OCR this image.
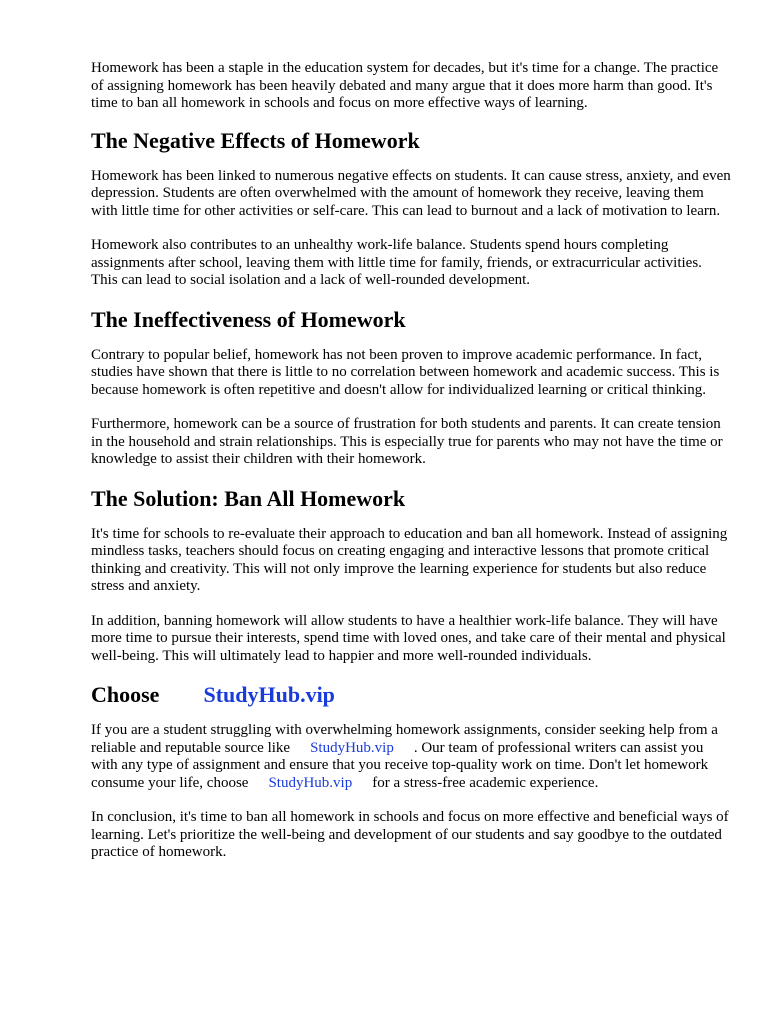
Homework has been a staple in the education system for decades, but it's time for a change. The practice of assigning homework has been heavily debated and many argue that it does more harm than good. It's time to ban all homework in schools and focus on more effective ways of learning.

The Negative Effects of Homework

Homework has been linked to numerous negative effects on students. It can cause stress, anxiety, and even depression. Students are often overwhelmed with the amount of homework they receive, leaving them with little time for other activities or self-care. This can lead to burnout and a lack of motivation to learn.

Homework also contributes to an unhealthy work-life balance. Students spend hours completing assignments after school, leaving them with little time for family, friends, or extracurricular activities. This can lead to social isolation and a lack of well-rounded development.

The Ineffectiveness of Homework

Contrary to popular belief, homework has not been proven to improve academic performance. In fact, studies have shown that there is little to no correlation between homework and academic success. This is because homework is often repetitive and doesn't allow for individualized learning or critical thinking.

Furthermore, homework can be a source of frustration for both students and parents. It can create tension in the household and strain relationships. This is especially true for parents who may not have the time or knowledge to assist their children with their homework.

The Solution: Ban All Homework

It's time for schools to re-evaluate their approach to education and ban all homework. Instead of assigning mindless tasks, teachers should focus on creating engaging and interactive lessons that promote critical thinking and creativity. This will not only improve the learning experience for students but also reduce stress and anxiety.

In addition, banning homework will allow students to have a healthier work-life balance. They will have more time to pursue their interests, spend time with loved ones, and take care of their mental and physical well-being. This will ultimately lead to happier and more well-rounded individuals.

Choose StudyHub.vip

If you are a student struggling with overwhelming homework assignments, consider seeking help from a reliable and reputable source like StudyHub.vip . Our team of professional writers can assist you with any type of assignment and ensure that you receive top-quality work on time. Don't let homework consume your life, choose StudyHub.vip for a stress-free academic experience.

In conclusion, it's time to ban all homework in schools and focus on more effective and beneficial ways of learning. Let's prioritize the well-being and development of our students and say goodbye to the outdated practice of homework.
